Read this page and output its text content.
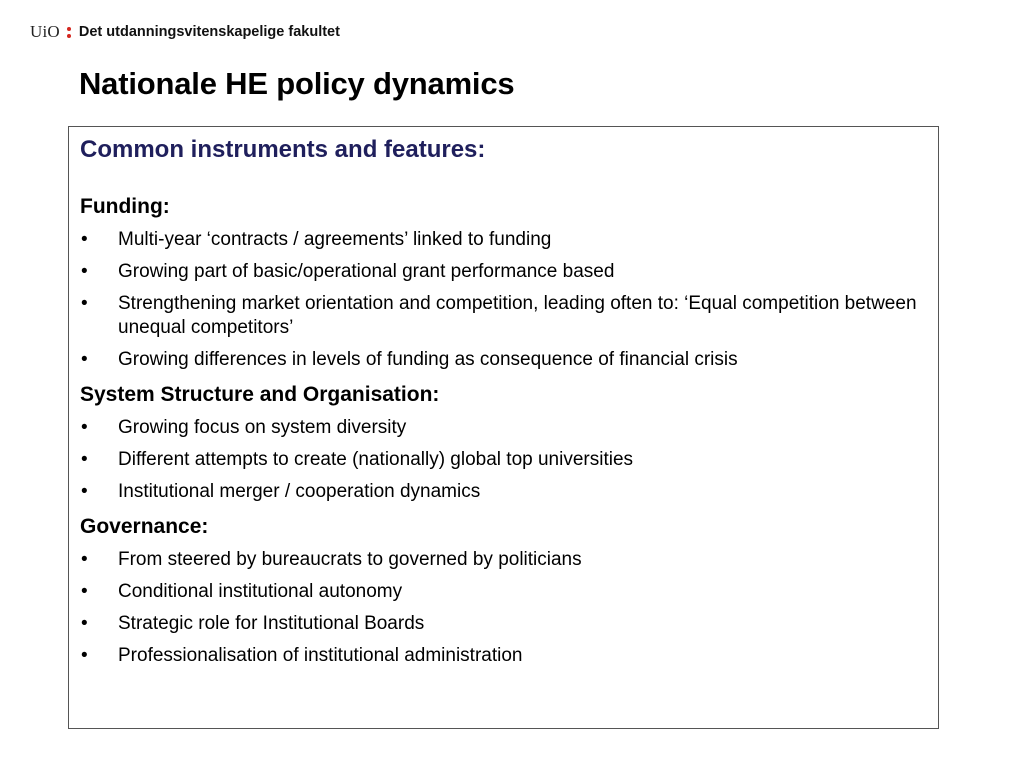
UiO Det utdanningsvitenskapelige fakultet
Nationale HE policy dynamics
Common instruments and features:
Funding:
• Multi-year ‘contracts / agreements’ linked to funding
• Growing part of basic/operational grant performance based
• Strengthening market orientation and competition, leading often to: ‘Equal competition between unequal competitors’
• Growing differences in levels of funding as consequence of financial crisis
System Structure and Organisation:
• Growing focus on system diversity
• Different attempts to create (nationally) global top universities
• Institutional merger / cooperation dynamics
Governance:
• From steered by bureaucrats to governed by politicians
• Conditional institutional autonomy
• Strategic role for Institutional Boards
• Professionalisation of institutional administration
